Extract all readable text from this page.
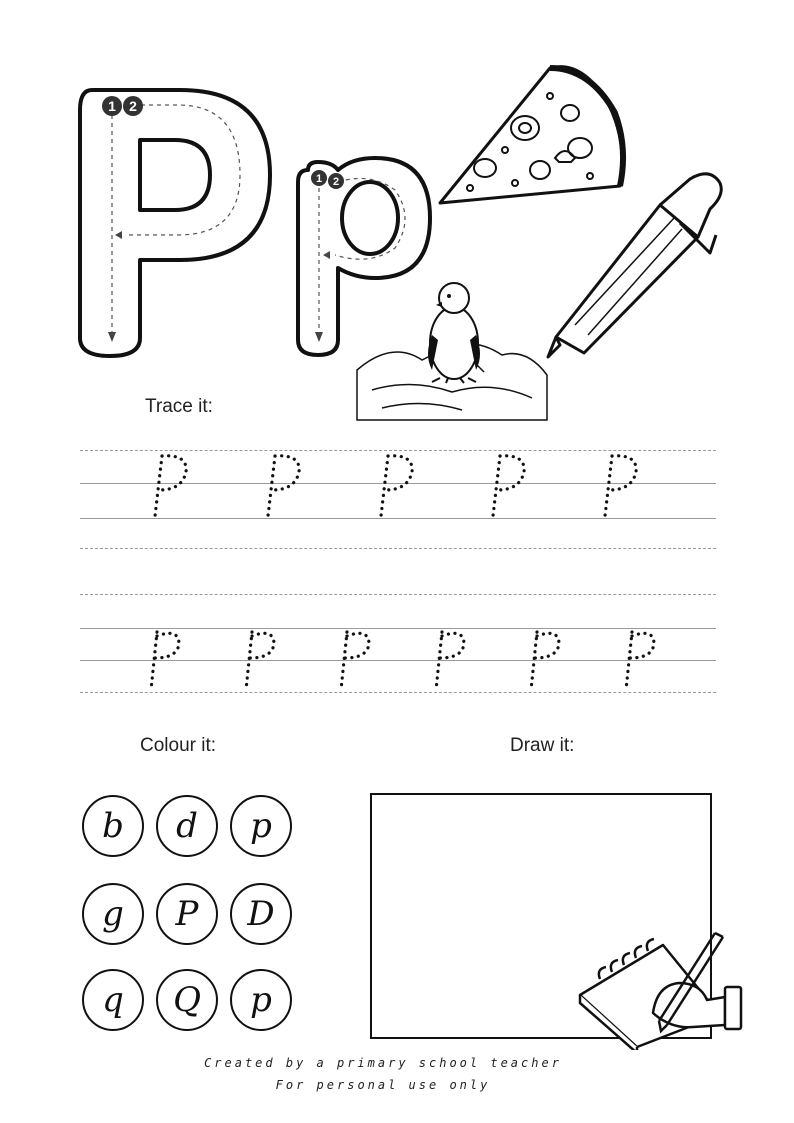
1 2
1 2
Trace it:
Colour it:
b	d	p
g	P	D
q	Q	p
Draw it:
Created by a primary school teacher
For personal use only
